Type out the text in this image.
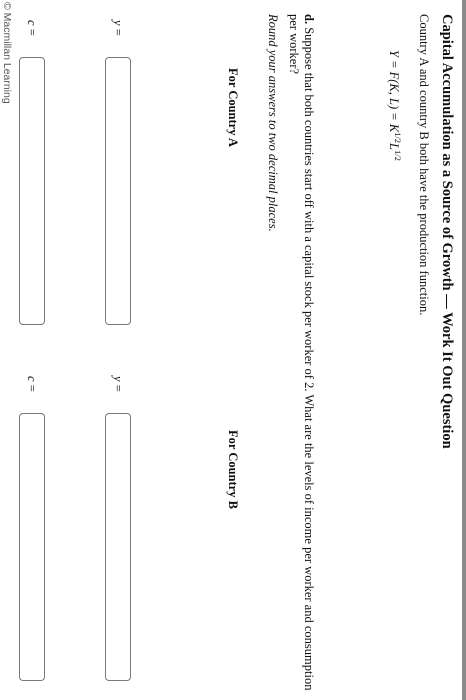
Capital Accumulation as a Source of Growth — Work It Out Question
Country A and country B both have the production function.
Y = F(K, $L) = K^{1/2}L^{1/2}$
d. Suppose that both countries start off with a capital stock per worker of 2. What are the levels of income per worker and consumption per worker?
Round your answers to two decimal places.
For Country A
For Country B
y =
y =
c =
c =
© Macmillan Learning
